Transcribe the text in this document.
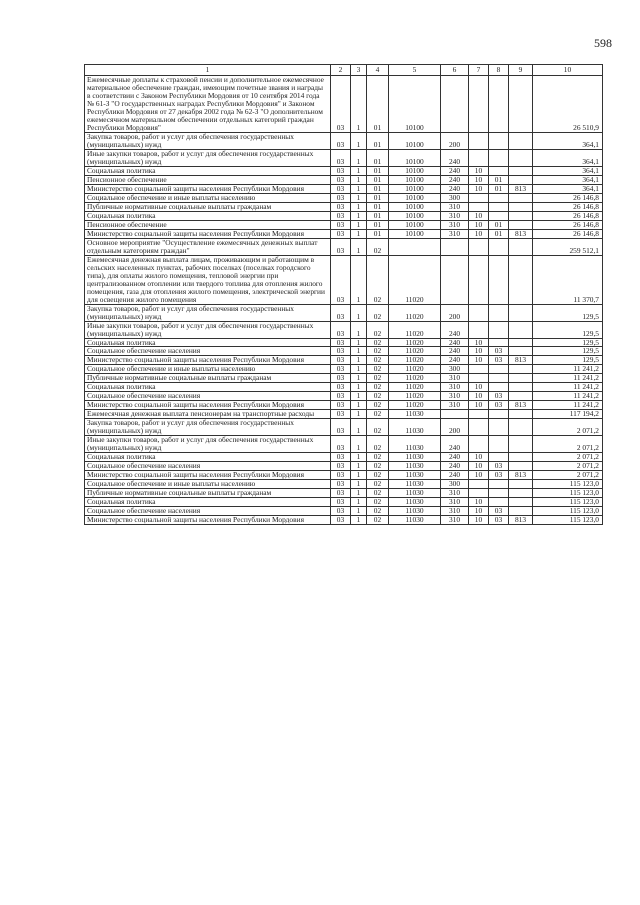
598
1	2	3	4	5	6	7	8	9	10
Ежемесячные доплаты к страховой пенсии и дополнительное ежемесячное материальное обеспечение граждан, имеющим почетные звания и награды в соответствии с Законом Республики Мордовия от 10 сентября 2014 года № 61-З "О государственных наградах Республики Мордовия" и Законом Республики Мордовия от 27 декабря 2002 года № 62-З "О дополнительном ежемесячном материальном обеспечении отдельных категорий граждан Республики Мордовия"	03	1	01	10100					26 510,9
Закупка товаров, работ и услуг для обеспечения государственных (муниципальных) нужд	03	1	01	10100	200				364,1
Иные закупки товаров, работ и услуг для обеспечения государственных (муниципальных) нужд	03	1	01	10100	240				364,1
Социальная политика	03	1	01	10100	240	10			364,1
Пенсионное обеспечение	03	1	01	10100	240	10	01		364,1
Министерство социальной защиты населения Республики Мордовия	03	1	01	10100	240	10	01	813	364,1
Социальное обеспечение и иные выплаты населению	03	1	01	10100	300				26 146,8
Публичные нормативные социальные выплаты гражданам	03	1	01	10100	310				26 146,8
Социальная политика	03	1	01	10100	310	10			26 146,8
Пенсионное обеспечение	03	1	01	10100	310	10	01		26 146,8
Министерство социальной защиты населения Республики Мордовия	03	1	01	10100	310	10	01	813	26 146,8
Основное мероприятие "Осуществление ежемесячных денежных выплат отдельным категориям граждан"	03	1	02						259 512,1
Ежемесячная денежная выплата лицам, проживающим и работающим в сельских населенных пунктах, рабочих поселках (поселках городского типа), для оплаты жилого помещения, тепловой энергии при централизованном отоплении или твердого топлива для отопления жилого помещения, газа для отопления жилого помещения, электрической энергии для освещения жилого помещения	03	1	02	11020					11 370,7
Закупка товаров, работ и услуг для обеспечения государственных (муниципальных) нужд	03	1	02	11020	200				129,5
Иные закупки товаров, работ и услуг для обеспечения государственных (муниципальных) нужд	03	1	02	11020	240				129,5
Социальная политика	03	1	02	11020	240	10			129,5
Социальное обеспечение населения	03	1	02	11020	240	10	03		129,5
Министерство социальной защиты населения Республики Мордовия	03	1	02	11020	240	10	03	813	129,5
Социальное обеспечение и иные выплаты населению	03	1	02	11020	300				11 241,2
Публичные нормативные социальные выплаты гражданам	03	1	02	11020	310				11 241,2
Социальная политика	03	1	02	11020	310	10			11 241,2
Социальное обеспечение населения	03	1	02	11020	310	10	03		11 241,2
Министерство социальной защиты населения Республики Мордовия	03	1	02	11020	310	10	03	813	11 241,2
Ежемесячная денежная выплата пенсионерам на транспортные расходы	03	1	02	11030					117 194,2
Закупка товаров, работ и услуг для обеспечения государственных (муниципальных) нужд	03	1	02	11030	200				2 071,2
Иные закупки товаров, работ и услуг для обеспечения государственных (муниципальных) нужд	03	1	02	11030	240				2 071,2
Социальная политика	03	1	02	11030	240	10			2 071,2
Социальное обеспечение населения	03	1	02	11030	240	10	03		2 071,2
Министерство социальной защиты населения Республики Мордовия	03	1	02	11030	240	10	03	813	2 071,2
Социальное обеспечение и иные выплаты населению	03	1	02	11030	300				115 123,0
Публичные нормативные социальные выплаты гражданам	03	1	02	11030	310				115 123,0
Социальная политика	03	1	02	11030	310	10			115 123,0
Социальное обеспечение населения	03	1	02	11030	310	10	03		115 123,0
Министерство социальной защиты населения Республики Мордовия	03	1	02	11030	310	10	03	813	115 123,0
